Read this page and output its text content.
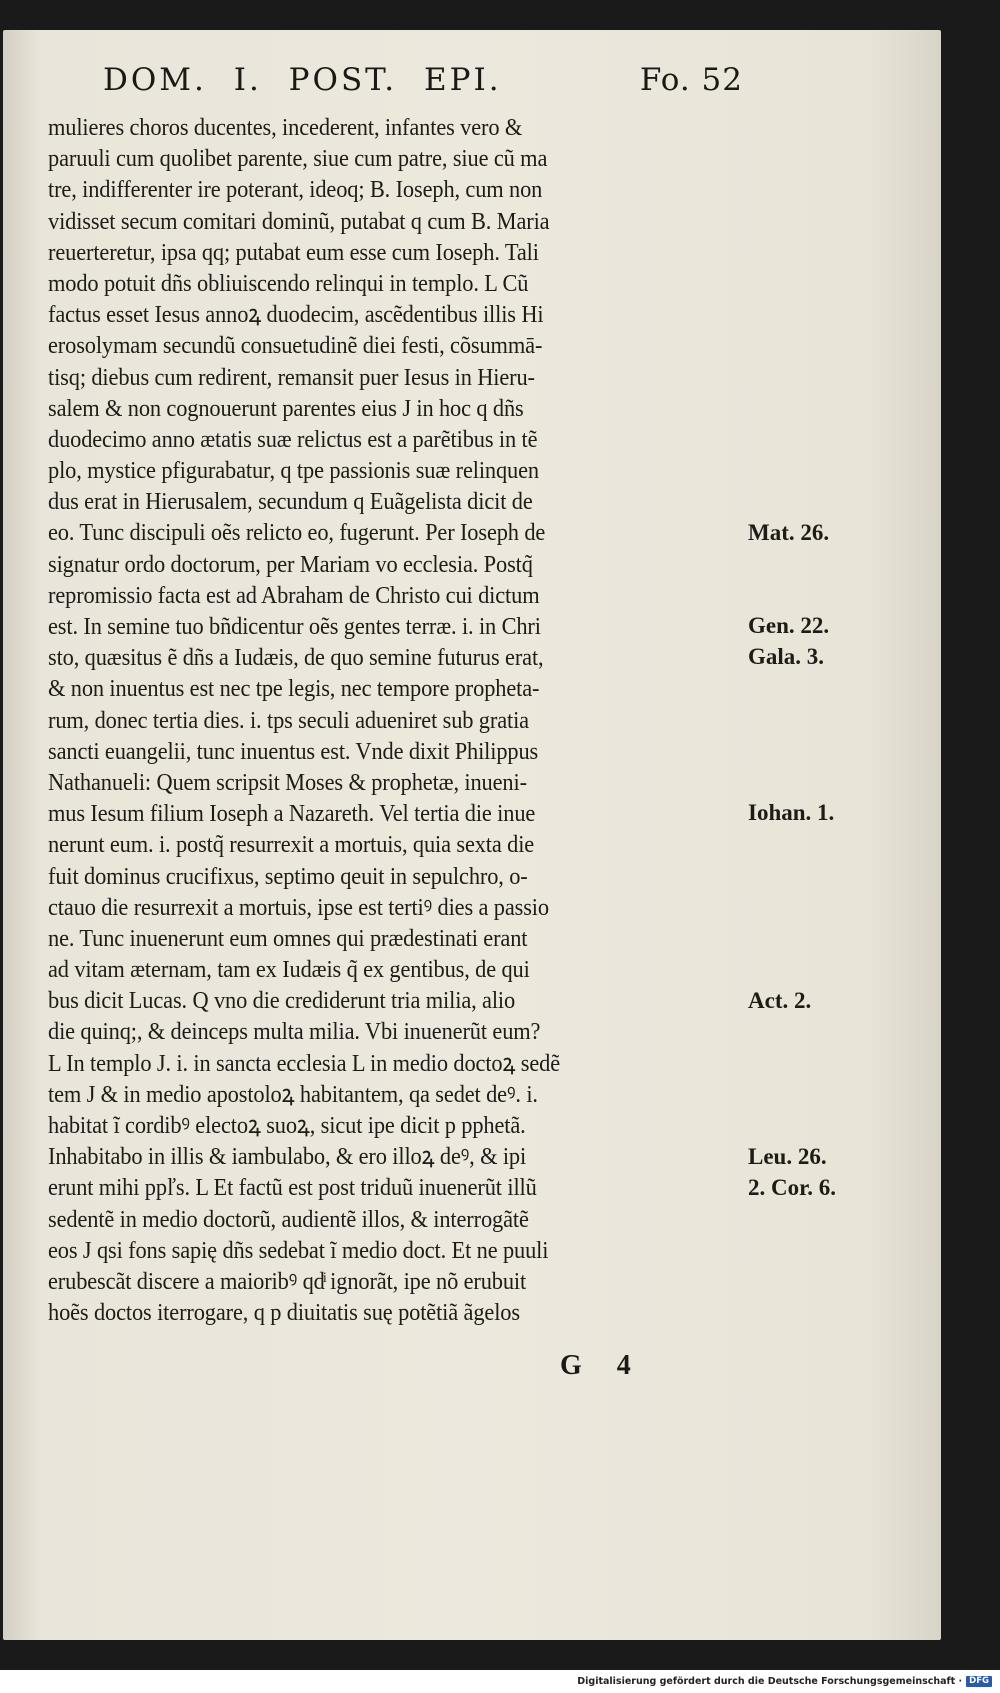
DOM. I. POST. EPI.	Fo. 52
mulieres choros ducentes, incederent, infantes vero &
paruuli cum quolibet parente, siue cum patre, siue cũ ma
tre, indifferenter ire poterant, ideoq; B. Ioseph, cum non
vidisset secum comitari dominũ, putabat q cum B. Maria
reuerteretur, ipsa qq; putabat eum esse cum Ioseph. Tali
modo potuit dñs obliuiscendo relinqui in templo. L Cũ
factus esset Iesus annoꝝ duodecim, ascẽdentibus illis Hi
erosolymam secundũ consuetudinẽ diei festi, cõsummā-
tisq; diebus cum redirent, remansit puer Iesus in Hieru-
salem & non cognouerunt parentes eius J in hoc q dñs
duodecimo anno ætatis suæ relictus est a parẽtibus in tẽ
plo, mystice pfigurabatur, q tpe passionis suæ relinquen
dus erat in Hierusalem, secundum q Euãgelista dicit de
eo. Tunc discipuli oẽs relicto eo, fugerunt. Per Ioseph de
signatur ordo doctorum, per Mariam vo ecclesia. Postq̃
repromissio facta est ad Abraham de Christo cui dictum
est. In semine tuo bñdicentur oẽs gentes terræ. i. in Chri
sto, quæsitus ẽ dñs a Iudæis, de quo semine futurus erat,
& non inuentus est nec tpe legis, nec tempore propheta-
rum, donec tertia dies. i. tps seculi adueniret sub gratia
sancti euangelii, tunc inuentus est. Vnde dixit Philippus
Nathanueli: Quem scripsit Moses & prophetæ, inueni-
mus Iesum filium Ioseph a Nazareth. Vel tertia die inue
nerunt eum. i. postq̃ resurrexit a mortuis, quia sexta die
fuit dominus crucifixus, septimo qeuit in sepulchro, o-
ctauo die resurrexit a mortuis, ipse est tertiꝰ dies a passio
ne. Tunc inuenerunt eum omnes qui prædestinati erant
ad vitam æternam, tam ex Iudæis q̃ ex gentibus, de qui
bus dicit Lucas. Q vno die crediderunt tria milia, alio
die quinq;, & deinceps multa milia. Vbi inuenerũt eum?
L In templo J. i. in sancta ecclesia L in medio doctoꝝ sedẽ
tem J & in medio apostoloꝝ habitantem, qa sedet deꝰ. i.
habitat ĩ cordibꝰ electoꝝ suoꝝ, sicut ipe dicit p pphetã.
Inhabitabo in illis & iambulabo, & ero illoꝝ deꝰ, & ipi
erunt mihi ppľs. L Et factũ est post triduũ inuenerũt illũ
sedentẽ in medio doctorũ, audientẽ illos, & interrogãtẽ
eos J qsi fons sapię dñs sedebat ĩ medio doct. Et ne puuli
erubescãt discere a maioribꝰ qdͥ ignorãt, ipe nõ erubuit
hoẽs doctos iterrogare, q p diuitatis suę potẽtiã ãgelos
Mat. 26.
Gen. 22.
Gala. 3.
Iohan. 1.
Act. 2.
Leu. 26.
2. Cor. 6.
G 4
Digitalisierung gefördert durch die Deutsche Forschungsgemeinschaft · DFG
